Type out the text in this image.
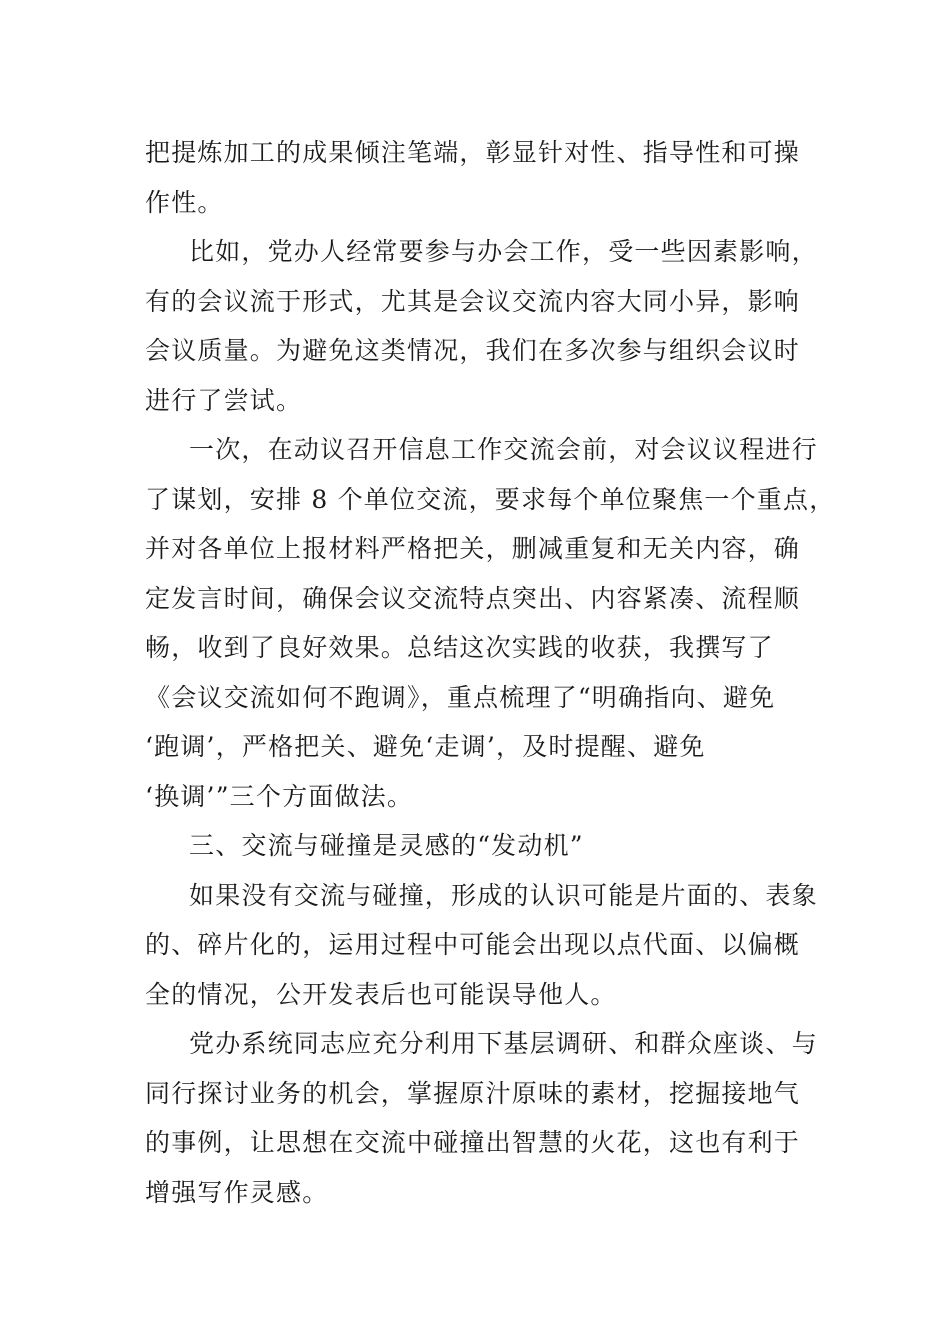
把提炼加工的成果倾注笔端，彰显针对性、指导性和可操
作性。
比如，党办人经常要参与办会工作，受一些因素影响，
有的会议流于形式，尤其是会议交流内容大同小异，影响
会议质量。为避免这类情况，我们在多次参与组织会议时
进行了尝试。
一次，在动议召开信息工作交流会前，对会议议程进行
了谋划，安排 8 个单位交流，要求每个单位聚焦一个重点，
并对各单位上报材料严格把关，删减重复和无关内容，确
定发言时间，确保会议交流特点突出、内容紧凑、流程顺
畅，收到了良好效果。总结这次实践的收获，我撰写了
《会议交流如何不跑调》，重点梳理了“明确指向、避免
‘跑调’，严格把关、避免‘走调’，及时提醒、避免
‘换调’”三个方面做法。
三、交流与碰撞是灵感的“发动机”
如果没有交流与碰撞，形成的认识可能是片面的、表象
的、碎片化的，运用过程中可能会出现以点代面、以偏概
全的情况，公开发表后也可能误导他人。
党办系统同志应充分利用下基层调研、和群众座谈、与
同行探讨业务的机会，掌握原汁原味的素材，挖掘接地气
的事例，让思想在交流中碰撞出智慧的火花，这也有利于
增强写作灵感。
